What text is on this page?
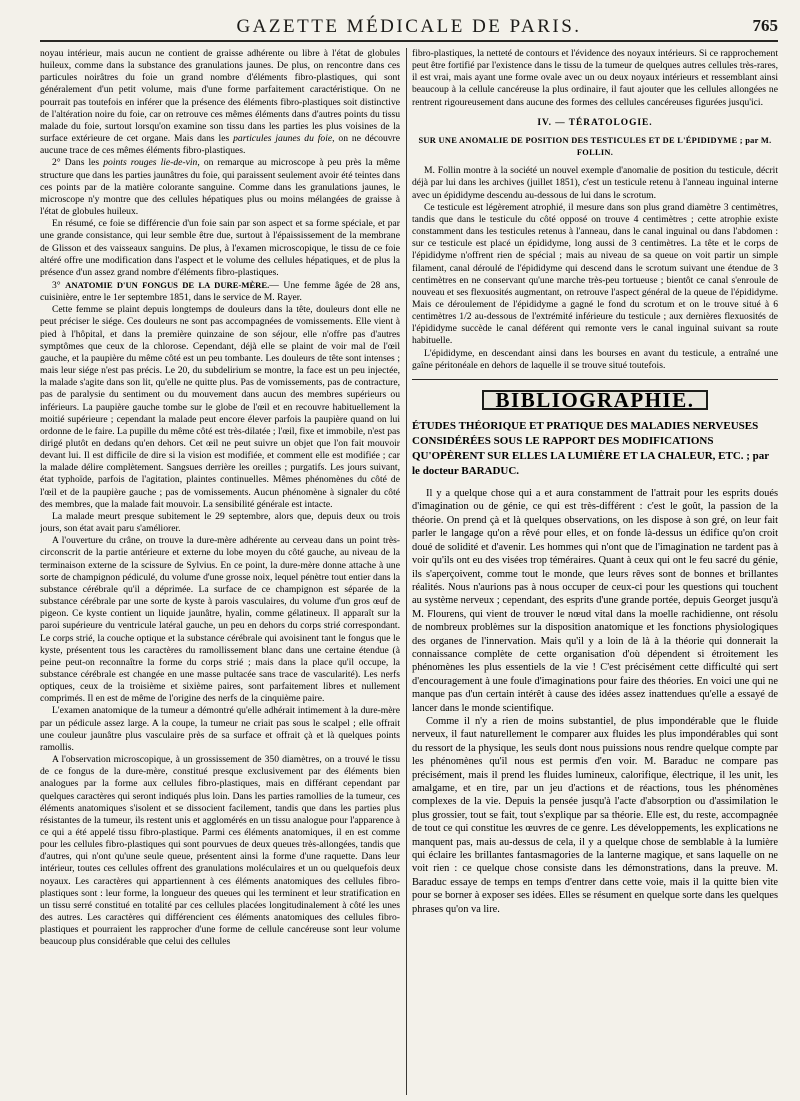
GAZETTE MÉDICALE DE PARIS.	765

noyau intérieur, mais aucun ne contient de graisse adhérente ou libre à l'état de globules huileux, comme dans la substance des granulations jaunes. De plus, on rencontre dans ces particules noirâtres du foie un grand nombre d'éléments fibro-plastiques, qui sont généralement d'un petit volume, mais d'une forme parfaitement caractéristique. On ne pourrait pas toutefois en inférer que la présence des éléments fibro-plastiques soit distinctive de l'altération noire du foie, car on retrouve ces mêmes éléments dans d'autres points du tissu malade du foie, surtout lorsqu'on examine son tissu dans les parties les plus voisines de la surface extérieure de cet organe. Mais dans les particules jaunes du foie, on ne découvre aucune trace de ces mêmes éléments fibro-plastiques.

2° Dans les points rouges lie-de-vin, on remarque au microscope à peu près la même structure que dans les parties jaunâtres du foie, qui paraissent seulement avoir été teintes dans ces points par de la matière colorante sanguine. Comme dans les granulations jaunes, le microscope n'y montre que des cellules hépatiques plus ou moins mélangées de graisse à l'état de globules huileux.

En résumé, ce foie se différencie d'un foie sain par son aspect et sa forme spéciale, et par une grande consistance, qui leur semble être due, surtout à l'épaississement de la membrane de Glisson et des vaisseaux sanguins. De plus, à l'examen microscopique, le tissu de ce foie altéré offre une modification dans l'aspect et le volume des cellules hépatiques, et de plus la présence d'un assez grand nombre d'éléments fibro-plastiques.

3° ANATOMIE D'UN FONGUS DE LA DURE-MÈRE.— Une femme âgée de 28 ans, cuisinière, entre le 1er septembre 1851, dans le service de M. Rayer.

Cette femme se plaint depuis longtemps de douleurs dans la tête, douleurs dont elle ne peut préciser le siége. Ces douleurs ne sont pas accompagnées de vomissements. Elle vient à pied à l'hôpital, et dans la première quinzaine de son séjour, elle n'offre pas d'autres symptômes que ceux de la chlorose. Cependant, déjà elle se plaint de voir mal de l'œil gauche, et la paupière du même côté est un peu tombante. Les douleurs de tête sont intenses ; mais leur siége n'est pas précis. Le 20, du subdelirium se montre, la face est un peu injectée, la malade s'agite dans son lit, qu'elle ne quitte plus. Pas de vomissements, pas de contracture, pas de paralysie du sentiment ou du mouvement dans aucun des membres supérieurs ou inférieurs. La paupière gauche tombe sur le globe de l'œil et en recouvre habituellement la moitié supérieure ; cependant la malade peut encore élever parfois la paupière quand on lui ordonne de le faire. La pupille du même côté est très-dilatée ; l'œil, fixe et immobile, n'est pas dirigé plutôt en dedans qu'en dehors. Cet œil ne peut suivre un objet que l'on fait mouvoir devant lui. Il est difficile de dire si la vision est modifiée, et comment elle est modifiée ; car la malade délire complètement. Sangsues derrière les oreilles ; purgatifs. Les jours suivant, état typhoïde, parfois de l'agitation, plaintes continuelles. Mêmes phénomènes du côté de l'œil et de la paupière gauche ; pas de vomissements. Aucun phénomène à signaler du côté des membres, que la malade fait mouvoir. La sensibilité générale est intacte.

La malade meurt presque subitement le 29 septembre, alors que, depuis deux ou trois jours, son état avait paru s'améliorer.

A l'ouverture du crâne, on trouve la dure-mère adhérente au cerveau dans un point très-circonscrit de la partie antérieure et externe du lobe moyen du côté gauche, au niveau de la terminaison externe de la scissure de Sylvius. En ce point, la dure-mère donne attache à une sorte de champignon pédiculé, du volume d'une grosse noix, lequel pénètre tout entier dans la substance cérébrale qu'il a déprimée. La surface de ce champignon est séparée de la substance cérébrale par une sorte de kyste à parois vasculaires, du volume d'un gros œuf de pigeon. Ce kyste contient un liquide jaunâtre, hyalin, comme gélatineux. Il apparaît sur la paroi supérieure du ventricule latéral gauche, un peu en dehors du corps strié correspondant. Le corps strié, la couche optique et la substance cérébrale qui avoisinent tant le fongus que le kyste, présentent tous les caractères du ramollissement blanc dans une certaine étendue (à peine peut-on reconnaître la forme du corps strié ; mais dans la place qu'il occupe, la substance cérébrale est changée en une masse pultacée sans trace de vascularité). Les nerfs optiques, ceux de la troisième et sixième paires, sont parfaitement libres et nullement comprimés. Il en est de même de l'origine des nerfs de la cinquième paire.

L'examen anatomique de la tumeur a démontré qu'elle adhérait intimement à la dure-mère par un pédicule assez large. A la coupe, la tumeur ne criait pas sous le scalpel ; elle offrait une couleur jaunâtre plus vasculaire près de sa surface et offrait çà et là quelques points ramollis.

A l'observation microscopique, à un grossissement de 350 diamètres, on a trouvé le tissu de ce fongus de la dure-mère, constitué presque exclusivement par des éléments bien analogues par la forme aux cellules fibro-plastiques, mais en différant cependant par quelques caractères qui seront indiqués plus loin. Dans les parties ramollies de la tumeur, ces éléments anatomiques s'isolent et se dissocient facilement, tandis que dans les parties plus résistantes de la tumeur, ils restent unis et agglomérés en un tissu analogue pour l'apparence à ce qui a été appelé tissu fibro-plastique. Parmi ces éléments anatomiques, il en est comme pour les cellules fibro-plastiques qui sont pourvues de deux queues très-allongées, tandis que d'autres, qui n'ont qu'une seule queue, présentent ainsi la forme d'une raquette. Dans leur intérieur, toutes ces cellules offrent des granulations moléculaires et un ou quelquefois deux noyaux. Les caractères qui appartiennent à ces éléments anatomiques des cellules fibro-plastiques sont : leur forme, la longueur des queues qui les terminent et leur stratification en un tissu serré constitué en totalité par ces cellules placées longitudinalement à côté les unes des autres. Les caractères qui différencient ces éléments anatomiques des cellules fibro-plastiques et pourraient les rapprocher d'une forme de cellule cancéreuse sont leur volume beaucoup plus considérable que celui des cellules

fibro-plastiques, la netteté de contours et l'évidence des noyaux intérieurs. Si ce rapprochement peut être fortifié par l'existence dans le tissu de la tumeur de quelques autres cellules très-rares, il est vrai, mais ayant une forme ovale avec un ou deux noyaux intérieurs et ressemblant ainsi beaucoup à la cellule cancéreuse la plus ordinaire, il faut ajouter que les cellules allongées ne rentrent rigoureusement dans aucune des formes des cellules cancéreuses figurées jusqu'ici.

IV. — TÉRATOLOGIE.
SUR UNE ANOMALIE DE POSITION DES TESTICULES ET DE L'ÉPIDIDYME ; par M. FOLLIN.

M. Follin montre à la société un nouvel exemple d'anomalie de position du testicule, décrit déjà par lui dans les archives (juillet 1851), c'est un testicule retenu à l'anneau inguinal interne avec un épididyme descendu au-dessous de lui dans le scrotum.

Ce testicule est légèrement atrophié, il mesure dans son plus grand diamètre 3 centimètres, tandis que dans le testicule du côté opposé on trouve 4 centimètres ; cette atrophie existe constamment dans les testicules retenus à l'anneau, dans le canal inguinal ou dans l'abdomen : sur ce testicule est placé un épididyme, long aussi de 3 centimètres. La tête et le corps de l'épididyme n'offrent rien de spécial ; mais au niveau de sa queue on voit partir un simple filament, canal déroulé de l'épididyme qui descend dans le scrotum suivant une étendue de 3 centimètres en ne conservant qu'une marche très-peu tortueuse ; bientôt ce canal s'enroule de nouveau et ses flexuosités augmentant, on retrouve l'aspect général de la queue de l'épididyme. Mais ce déroulement de l'épididyme a gagné le fond du scrotum et on le trouve situé à 6 centimètres 1/2 au-dessous de l'extrémité inférieure du testicule ; aux dernières flexuosités de l'épididyme succède le canal déférent qui remonte vers le canal inguinal suivant sa route habituelle.

L'épididyme, en descendant ainsi dans les bourses en avant du testicule, a entraîné une gaîne péritonéale en dehors de laquelle il se trouve situé toutefois.

BIBLIOGRAPHIE.
ÉTUDES THÉORIQUE ET PRATIQUE DES MALADIES NERVEUSES CONSIDÉRÉES SOUS LE RAPPORT DES MODIFICATIONS QU'OPÈRENT SUR ELLES LA LUMIÈRE ET LA CHALEUR, ETC. ; par le docteur BARADUC.

Il y a quelque chose qui a et aura constamment de l'attrait pour les esprits doués d'imagination ou de génie, ce qui est très-différent : c'est le goût, la passion de la théorie. On prend çà et là quelques observations, on les dispose à son gré, on leur fait parler le langage qu'on a rêvé pour elles, et on fonde là-dessus un édifice qu'on croit doué de solidité et d'avenir. Les hommes qui n'ont que de l'imagination ne tardent pas à voir qu'ils ont eu des visées trop téméraires. Quant à ceux qui ont le feu sacré du génie, ils s'aperçoivent, comme tout le monde, que leurs rêves sont de bonnes et brillantes réalités. Nous n'aurions pas à nous occuper de ceux-ci pour les questions qui touchent au système nerveux ; cependant, des esprits d'une grande portée, depuis Georget jusqu'à M. Flourens, qui vient de trouver le nœud vital dans la moelle rachidienne, ont résolu de nombreux problèmes sur la disposition anatomique et les fonctions physiologiques des organes de l'innervation. Mais qu'il y a loin de là à la théorie qui donnerait la connaissance complète de cette organisation d'où dépendent si étroitement les phénomènes les plus essentiels de la vie ! C'est précisément cette difficulté qui sert d'encouragement à une foule d'imaginations pour faire des théories. En voici une qui ne manque pas d'un certain intérêt à cause des idées assez inattendues qu'elle a essayé de lancer dans le monde scientifique.

Comme il n'y a rien de moins substantiel, de plus impondérable que le fluide nerveux, il faut naturellement le comparer aux fluides les plus impondérables qui sont du ressort de la physique, les seuls dont nous puissions nous rendre quelque compte par les phénomènes qu'il nous est permis d'en voir. M. Baraduc ne compare pas précisément, mais il prend les fluides lumineux, calorifique, électrique, il les unit, les amalgame, et en tire, par un jeu d'actions et de réactions, tous les phénomènes complexes de la vie. Depuis la pensée jusqu'à l'acte d'absorption ou d'assimilation le plus grossier, tout se fait, tout s'explique par sa théorie. Elle est, du reste, accompagnée de tout ce qui constitue les œuvres de ce genre. Les développements, les explications ne manquent pas, mais au-dessus de cela, il y a quelque chose de semblable à la lumière qui éclaire les brillantes fantasmagories de la lanterne magique, et sans laquelle on ne voit rien : ce quelque chose consiste dans les démonstrations, dans la preuve. M. Baraduc essaye de temps en temps d'entrer dans cette voie, mais il la quitte bien vite pour se borner à exposer ses idées. Elles se résument en quelque sorte dans les quelques phrases qu'on va lire.
